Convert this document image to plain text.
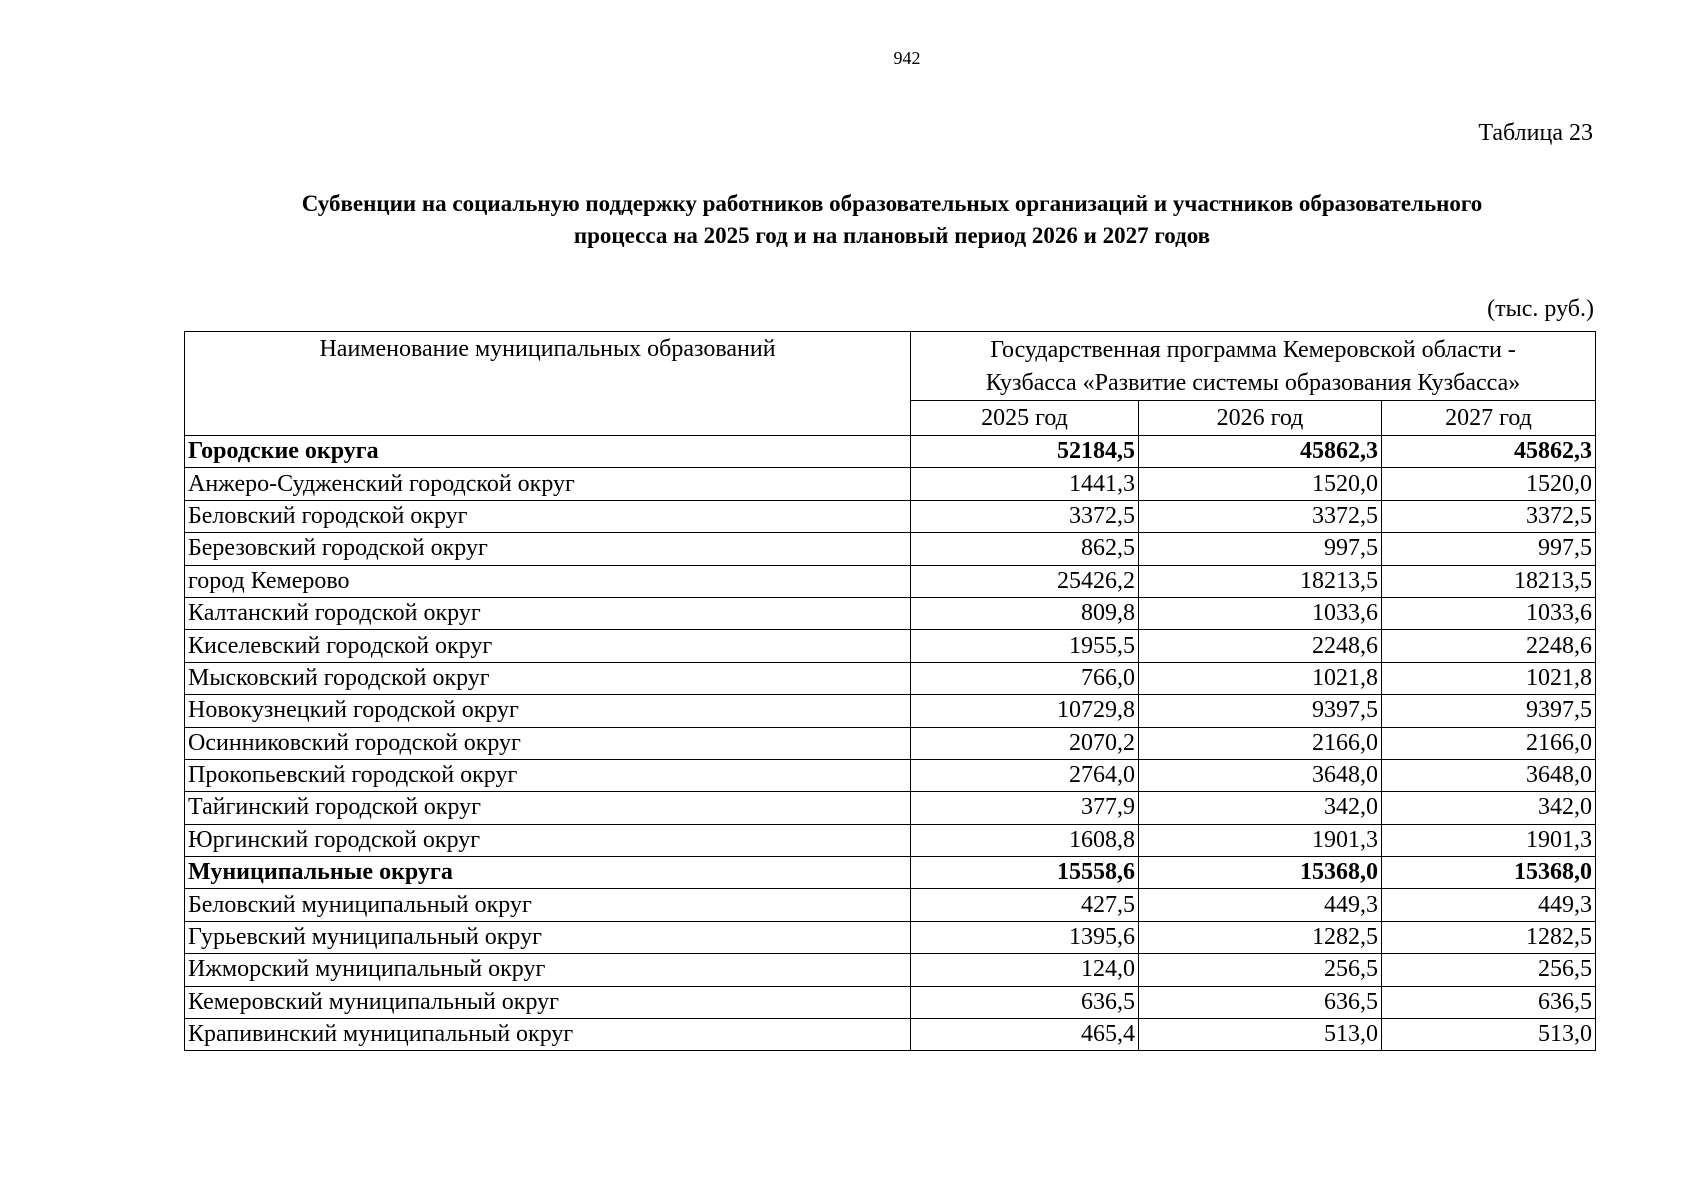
942
Таблица 23
Субвенции на социальную поддержку работников образовательных организаций и участников образовательного
процесса на 2025 год и на плановый период 2026 и 2027 годов
(тыс. руб.)
Наименование муниципальных образований	Государственная программа Кемеровской области -
Кузбасса «Развитие системы образования Кузбасса»		

	2025 год	2026 год	2027 год
Городские округа	52184,5	45862,3	45862,3
Анжеро-Судженский городской округ	1441,3	1520,0	1520,0
Беловский городской округ	3372,5	3372,5	3372,5
Березовский городской округ	862,5	997,5	997,5
город Кемерово	25426,2	18213,5	18213,5
Калтанский городской округ	809,8	1033,6	1033,6
Киселевский городской округ	1955,5	2248,6	2248,6
Мысковский городской округ	766,0	1021,8	1021,8
Новокузнецкий городской округ	10729,8	9397,5	9397,5
Осинниковский городской округ	2070,2	2166,0	2166,0
Прокопьевский городской округ	2764,0	3648,0	3648,0
Тайгинский городской округ	377,9	342,0	342,0
Юргинский городской округ	1608,8	1901,3	1901,3
Муниципальные округа	15558,6	15368,0	15368,0
Беловский муниципальный округ	427,5	449,3	449,3
Гурьевский муниципальный округ	1395,6	1282,5	1282,5
Ижморский муниципальный округ	124,0	256,5	256,5
Кемеровский муниципальный округ	636,5	636,5	636,5
Крапивинский муниципальный округ	465,4	513,0	513,0
